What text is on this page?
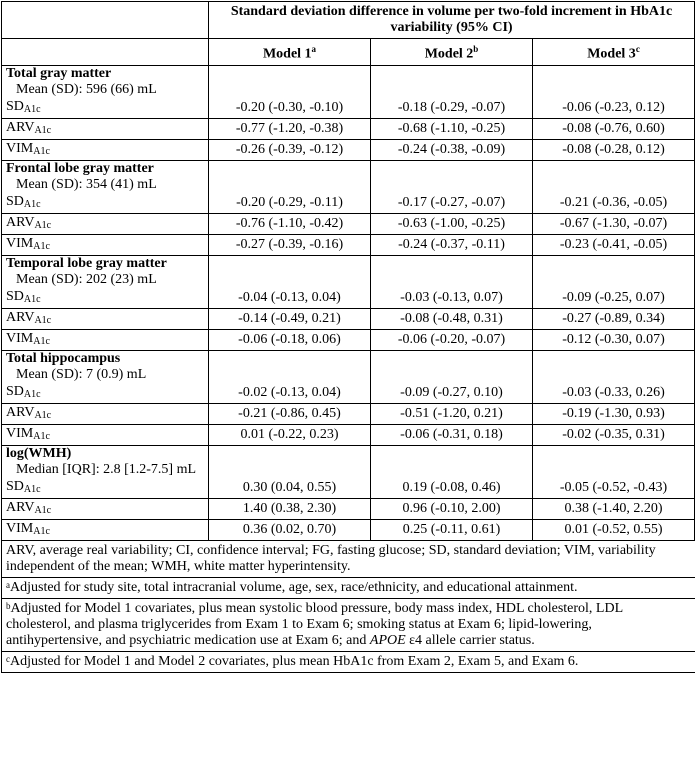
	Standard deviation difference in volume per two-fold increment in HbA1c variability (95% CI)		
	Model 1$^a$	Model 2$^b$	Model 3$^c$

Total gray matter
Mean (SD): 596 (66) mL			

$SD_{A1c}$	-0.20 (-0.30, -0.10)	-0.18 (-0.29, -0.07)	-0.06 (-0.23, 0.12)
$ARV_{A1c}$	-0.77 (-1.20, -0.38)	-0.68 (-1.10, -0.25)	-0.08 (-0.76, 0.60)
$VIM_{A1c}$	-0.26 (-0.39, -0.12)	-0.24 (-0.38, -0.09)	-0.08 (-0.28, 0.12)

Frontal lobe gray matter
Mean (SD): 354 (41) mL			

$SD_{A1c}$	-0.20 (-0.29, -0.11)	-0.17 (-0.27, -0.07)	-0.21 (-0.36, -0.05)
$ARV_{A1c}$	-0.76 (-1.10, -0.42)	-0.63 (-1.00, -0.25)	-0.67 (-1.30, -0.07)
$VIM_{A1c}$	-0.27 (-0.39, -0.16)	-0.24 (-0.37, -0.11)	-0.23 (-0.41, -0.05)

Temporal lobe gray matter
Mean (SD): 202 (23) mL			

$SD_{A1c}$	-0.04 (-0.13, 0.04)	-0.03 (-0.13, 0.07)	-0.09 (-0.25, 0.07)
$ARV_{A1c}$	-0.14 (-0.49, 0.21)	-0.08 (-0.48, 0.31)	-0.27 (-0.89, 0.34)
$VIM_{A1c}$	-0.06 (-0.18, 0.06)	-0.06 (-0.20, -0.07)	-0.12 (-0.30, 0.07)

Total hippocampus
Mean (SD): 7 (0.9) mL			

$SD_{A1c}$	-0.02 (-0.13, 0.04)	-0.09 (-0.27, 0.10)	-0.03 (-0.33, 0.26)
$ARV_{A1c}$	-0.21 (-0.86, 0.45)	-0.51 (-1.20, 0.21)	-0.19 (-1.30, 0.93)
$VIM_{A1c}$	0.01 (-0.22, 0.23)	-0.06 (-0.31, 0.18)	-0.02 (-0.35, 0.31)

log(WMH)
Median [IQR]: 2.8 [1.2-7.5] mL			

$SD_{A1c}$	0.30 (0.04, 0.55)	0.19 (-0.08, 0.46)	-0.05 (-0.52, -0.43)
$ARV_{A1c}$	1.40 (0.38, 2.30)	0.96 (-0.10, 2.00)	0.38 (-1.40, 2.20)
$VIM_{A1c}$	0.36 (0.02, 0.70)	0.25 (-0.11, 0.61)	0.01 (-0.52, 0.55)
ARV, average real variability; CI, confidence interval; FG, fasting glucose; SD, standard deviation; VIM, variability independent of the mean; WMH, white matter hyperintensity.
$^a$Adjusted for study site, total intracranial volume, age, sex, race/ethnicity, and educational attainment.
$^b$Adjusted for Model 1 covariates, plus mean systolic blood pressure, body mass index, HDL cholesterol, LDL cholesterol, and plasma triglycerides from Exam 1 to Exam 6; smoking status at Exam 6; lipid-lowering, antihypertensive, and psychiatric medication use at Exam 6; and APOE ε4 allele carrier status.
$^c$Adjusted for Model 1 and Model 2 covariates, plus mean HbA1c from Exam 2, Exam 5, and Exam 6.
